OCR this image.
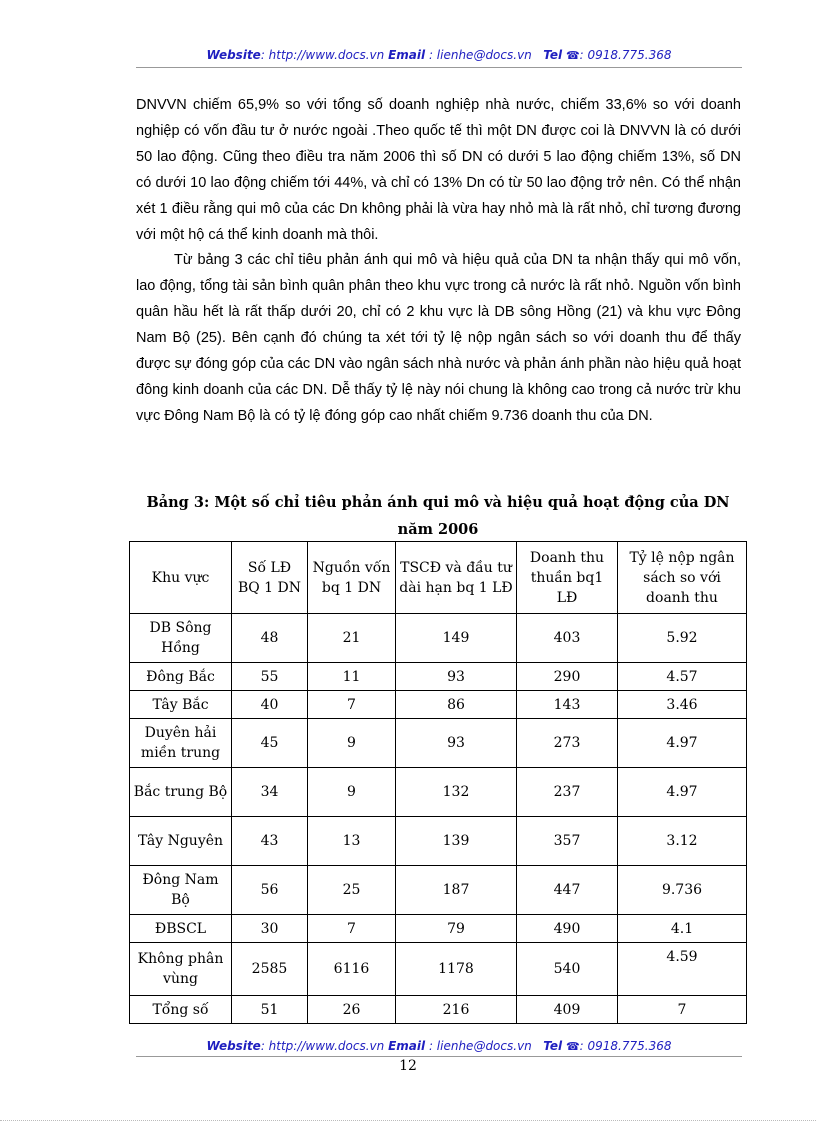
Website: http://www.docs.vn Email : lienhe@docs.vn Tel ☎: 0918.775.368

DNVVN chiếm 65,9% so với tổng số doanh nghiệp nhà nước, chiếm 33,6% so với doanh nghiệp có vốn đầu tư ở nước ngoài .Theo quốc tế thì một DN được coi là DNVVN là có dưới 50 lao động. Cũng theo điều tra năm 2006 thì số DN có dưới 5 lao động chiếm 13%, số DN có dưới 10 lao động chiếm tới 44%, và chỉ có 13% Dn có từ 50 lao động trở nên. Có thể nhận xét 1 điều rằng qui mô của các Dn không phải là vừa hay nhỏ mà là rất nhỏ, chỉ tương đương với một hộ cá thể kinh doanh mà thôi.

Từ bảng 3 các chỉ tiêu phản ánh qui mô và hiệu quả của DN ta nhận thấy qui mô vốn, lao động, tổng tài sản bình quân phân theo khu vực trong cả nước là rất nhỏ. Nguồn vốn bình quân hầu hết là rất thấp dưới 20, chỉ có 2 khu vực là DB sông Hồng (21) và khu vực Đông Nam Bộ (25). Bên cạnh đó chúng ta xét tới tỷ lệ nộp ngân sách so với doanh thu để thấy được sự đóng góp của các DN vào ngân sách nhà nước và phản ánh phần nào hiệu quả hoạt đông kinh doanh của các DN. Dễ thấy tỷ lệ này nói chung là không cao trong cả nước trừ khu vực Đông Nam Bộ là có tỷ lệ đóng góp cao nhất chiếm 9.736 doanh thu của DN.

Bảng 3: Một số chỉ tiêu phản ánh qui mô và hiệu quả hoạt động của DN năm 2006
Khu vực	Số LĐ BQ 1 DN	Nguồn vốn bq 1 DN	TSCĐ và đầu tư dài hạn bq 1 LĐ	Doanh thu thuần bq1 LĐ	Tỷ lệ nộp ngân sách so với doanh thu
DB Sông Hồng	48	21	149	403	5.92
Đông Bắc	55	11	93	290	4.57
Tây Bắc	40	7	86	143	3.46
Duyên hải miền trung	45	9	93	273	4.97
Bắc trung Bộ	34	9	132	237	4.97
Tây Nguyên	43	13	139	357	3.12
Đông Nam Bộ	56	25	187	447	9.736
ĐBSCL	30	7	79	490	4.1
Không phân vùng	2585	6116	1178	540	4.59
Tổng số	51	26	216	409	7
Website: http://www.docs.vn Email : lienhe@docs.vn Tel ☎: 0918.775.368
12
